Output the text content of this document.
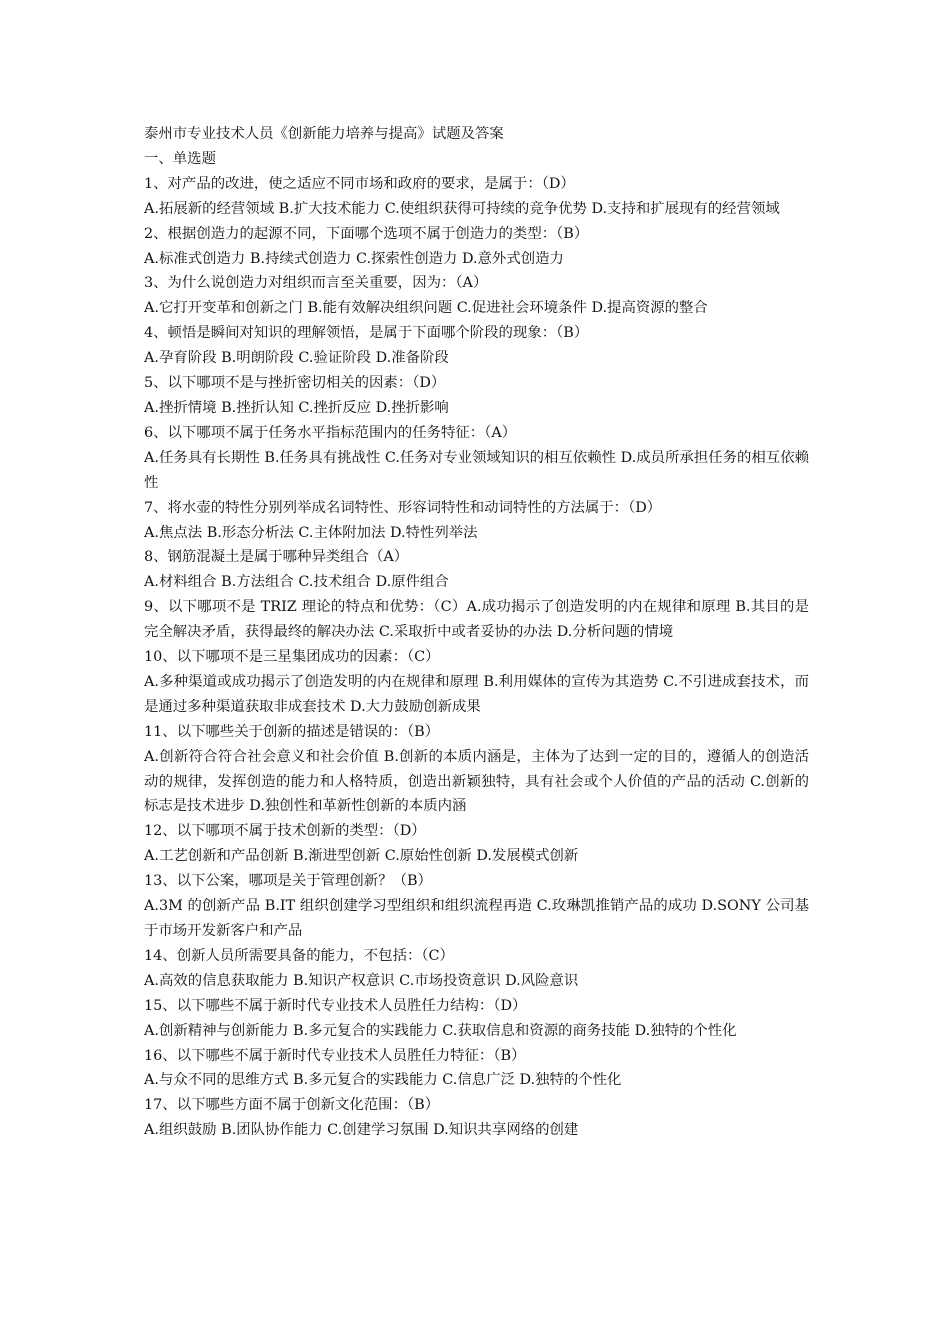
泰州市专业技术人员《创新能力培养与提高》试题及答案

一、单选题

1、对产品的改进，使之适应不同市场和政府的要求，是属于：（D）

A.拓展新的经营领域 B.扩大技术能力 C.使组织获得可持续的竞争优势 D.支持和扩展现有的经营领域

2、根据创造力的起源不同，下面哪个选项不属于创造力的类型：（B）

A.标准式创造力 B.持续式创造力 C.探索性创造力 D.意外式创造力

3、为什么说创造力对组织而言至关重要，因为：（A）

A.它打开变革和创新之门 B.能有效解决组织问题 C.促进社会环境条件 D.提高资源的整合

4、顿悟是瞬间对知识的理解领悟，是属于下面哪个阶段的现象：（B）

A.孕育阶段 B.明朗阶段 C.验证阶段 D.准备阶段

5、以下哪项不是与挫折密切相关的因素：（D）

A.挫折情境 B.挫折认知 C.挫折反应 D.挫折影响

6、以下哪项不属于任务水平指标范围内的任务特征：（A）

A.任务具有长期性 B.任务具有挑战性 C.任务对专业领域知识的相互依赖性 D.成员所承担任务的相互依赖性

7、将水壶的特性分别列举成名词特性、形容词特性和动词特性的方法属于：（D）

A.焦点法 B.形态分析法 C.主体附加法 D.特性列举法

8、钢筋混凝土是属于哪种异类组合（A）

A.材料组合 B.方法组合 C.技术组合 D.原件组合

9、以下哪项不是 TRIZ 理论的特点和优势：（C）A.成功揭示了创造发明的内在规律和原理 B.其目的是完全解决矛盾，获得最终的解决办法 C.采取折中或者妥协的办法 D.分析问题的情境

10、以下哪项不是三星集团成功的因素：（C）

A.多种渠道或成功揭示了创造发明的内在规律和原理 B.利用媒体的宣传为其造势 C.不引进成套技术，而是通过多种渠道获取非成套技术 D.大力鼓励创新成果

11、以下哪些关于创新的描述是错误的：（B）

A.创新符合符合社会意义和社会价值 B.创新的本质内涵是，主体为了达到一定的目的，遵循人的创造活动的规律，发挥创造的能力和人格特质，创造出新颖独特，具有社会或个人价值的产品的活动 C.创新的标志是技术进步 D.独创性和革新性创新的本质内涵

12、以下哪项不属于技术创新的类型：（D）

A.工艺创新和产品创新 B.渐进型创新 C.原始性创新 D.发展模式创新

13、以下公案，哪项是关于管理创新？（B）

A.3M 的创新产品 B.IT 组织创建学习型组织和组织流程再造 C.玫琳凯推销产品的成功 D.SONY 公司基于市场开发新客户和产品

14、创新人员所需要具备的能力，不包括：（C）

A.高效的信息获取能力 B.知识产权意识 C.市场投资意识 D.风险意识

15、以下哪些不属于新时代专业技术人员胜任力结构：（D）

A.创新精神与创新能力 B.多元复合的实践能力 C.获取信息和资源的商务技能 D.独特的个性化

16、以下哪些不属于新时代专业技术人员胜任力特征：（B）

A.与众不同的思维方式 B.多元复合的实践能力 C.信息广泛 D.独特的个性化

17、以下哪些方面不属于创新文化范围：（B）

A.组织鼓励 B.团队协作能力 C.创建学习氛围 D.知识共享网络的创建
